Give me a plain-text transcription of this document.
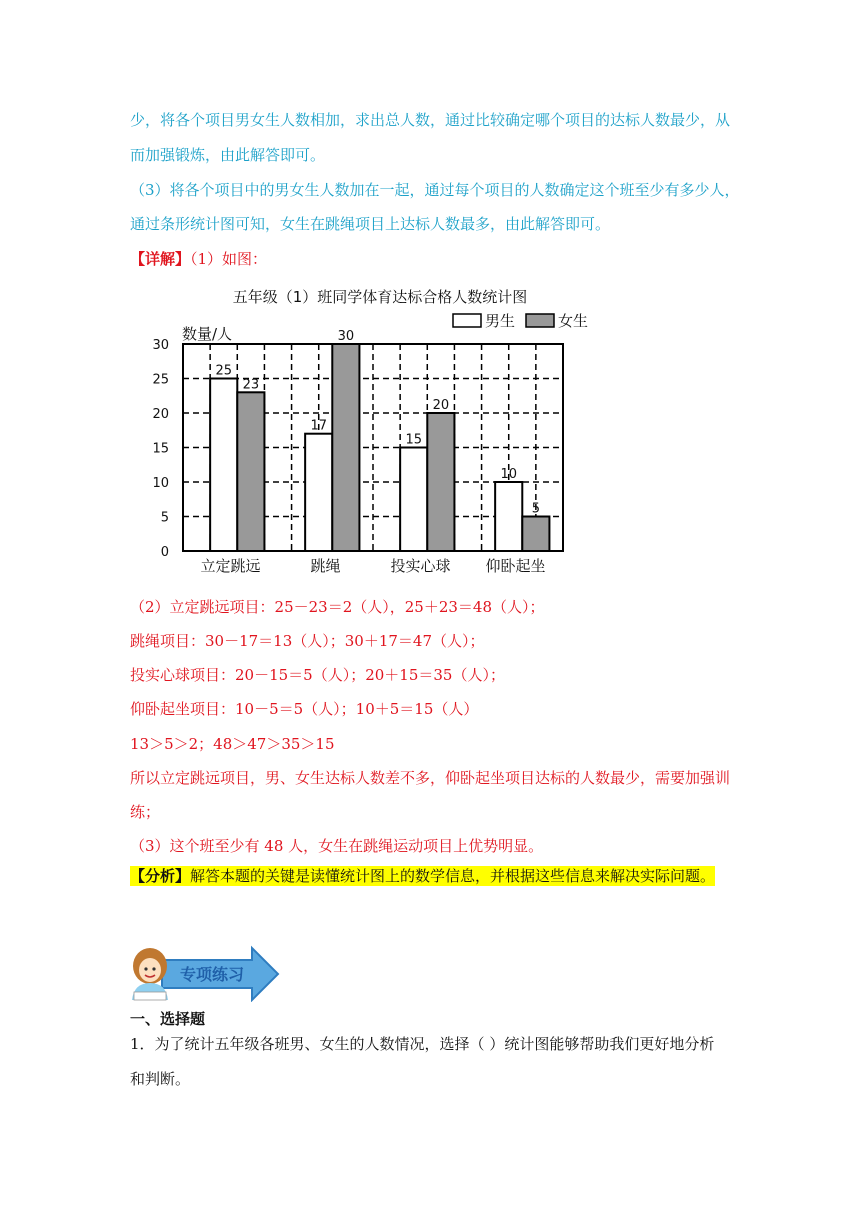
少，将各个项目男女生人数相加，求出总人数，通过比较确定哪个项目的达标人数最少，从
而加强锻炼，由此解答即可。
（3）将各个项目中的男女生人数加在一起，通过每个项目的人数确定这个班至少有多少人，
通过条形统计图可知，女生在跳绳项目上达标人数最多，由此解答即可。
【详解】（1）如图：
五年级（1）班同学体育达标合格人数统计图
数量/人
男生	女生
25
23
17
30
15
20
10
5
0
5
10
15
20
25
30
立定跳远	跳绳	投实心球 仰卧起坐
（2）立定跳远项目：25－23＝2（人），25＋23＝48（人）；
跳绳项目：30－17＝13（人）；30＋17＝47（人）；
投实心球项目：20－15＝5（人）；20＋15＝35（人）；
仰卧起坐项目：10－5＝5（人）；10＋5＝15（人）
13＞5＞2；48＞47＞35＞15
所以立定跳远项目，男、女生达标人数差不多，仰卧起坐项目达标的人数最少，需要加强训
练；
（3）这个班至少有 48 人，女生在跳绳运动项目上优势明显。
【分析】解答本题的关键是读懂统计图上的数学信息，并根据这些信息来解决实际问题。
专项练习
一、选择题
1．为了统计五年级各班男、女生的人数情况，选择（ ）统计图能够帮助我们更好地分析
和判断。
